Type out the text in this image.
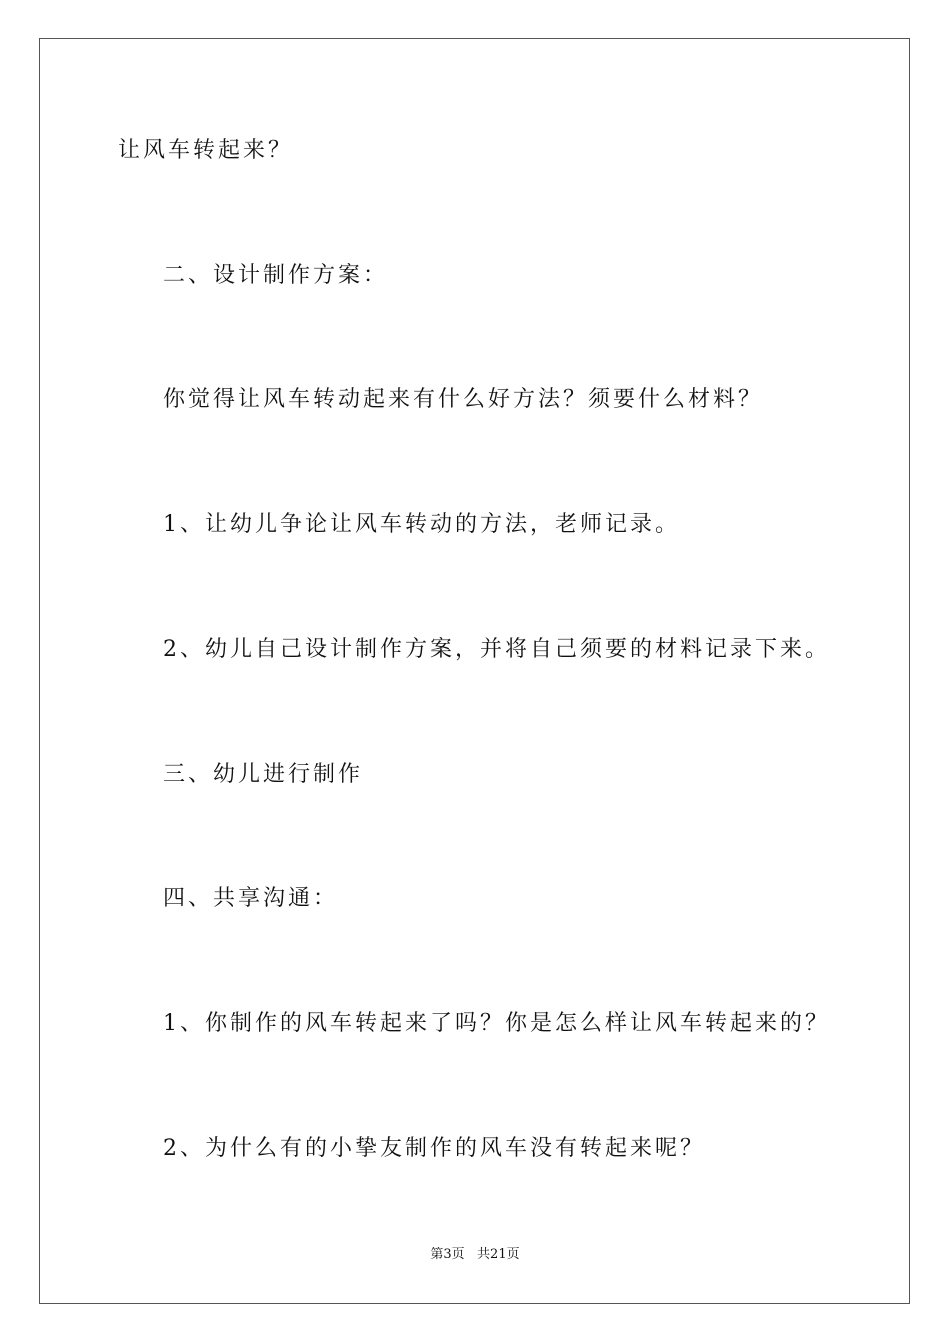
让风车转起来？

二、设计制作方案：

你觉得让风车转动起来有什么好方法？须要什么材料？

1、让幼儿争论让风车转动的方法，老师记录。

2、幼儿自己设计制作方案，并将自己须要的材料记录下来。

三、幼儿进行制作

四、共享沟通：

1、你制作的风车转起来了吗？你是怎么样让风车转起来的？

2、为什么有的小挚友制作的风车没有转起来呢？

第3页   共21页
